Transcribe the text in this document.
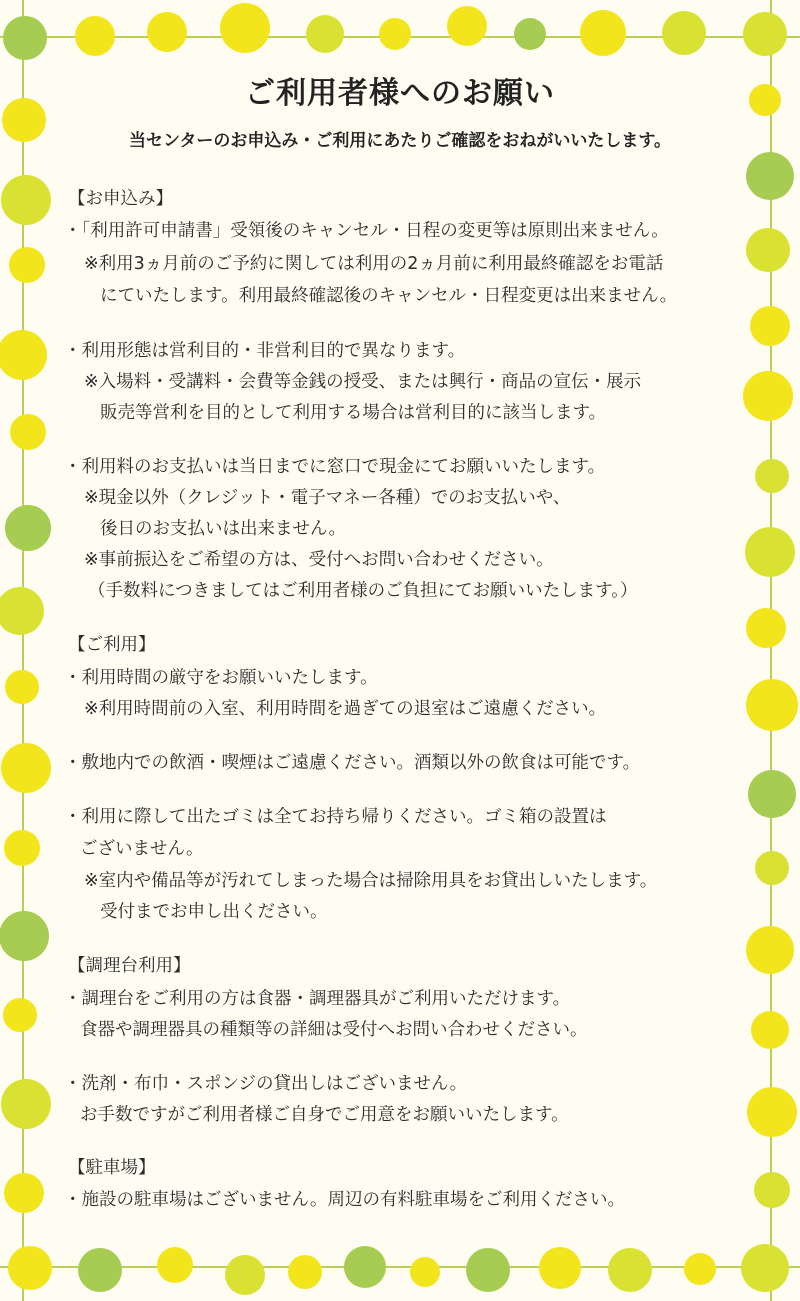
ご利用者様へのお願い
当センターのお申込み・ご利用にあたりご確認をおねがいいたします。
【お申込み】
・「利用許可申請書」受領後のキャンセル・日程の変更等は原則出来ません。
※利用3ヵ月前のご予約に関しては利用の2ヵ月前に利用最終確認をお電話
にていたします。利用最終確認後のキャンセル・日程変更は出来ません。
・利用形態は営利目的・非営利目的で異なります。
※入場料・受講料・会費等金銭の授受、または興行・商品の宣伝・展示
販売等営利を目的として利用する場合は営利目的に該当します。
・利用料のお支払いは当日までに窓口で現金にてお願いいたします。
※現金以外（クレジット・電子マネー各種）でのお支払いや、
後日のお支払いは出来ません。
※事前振込をご希望の方は、受付へお問い合わせください。
（手数料につきましてはご利用者様のご負担にてお願いいたします。）
【ご利用】
・利用時間の厳守をお願いいたします。
※利用時間前の入室、利用時間を過ぎての退室はご遠慮ください。
・敷地内での飲酒・喫煙はご遠慮ください。酒類以外の飲食は可能です。
・利用に際して出たゴミは全てお持ち帰りください。ゴミ箱の設置は
ございません。
※室内や備品等が汚れてしまった場合は掃除用具をお貸出しいたします。
受付までお申し出ください。
【調理台利用】
・調理台をご利用の方は食器・調理器具がご利用いただけます。
食器や調理器具の種類等の詳細は受付へお問い合わせください。
・洗剤・布巾・スポンジの貸出しはございません。
お手数ですがご利用者様ご自身でご用意をお願いいたします。
【駐車場】
・施設の駐車場はございません。周辺の有料駐車場をご利用ください。
